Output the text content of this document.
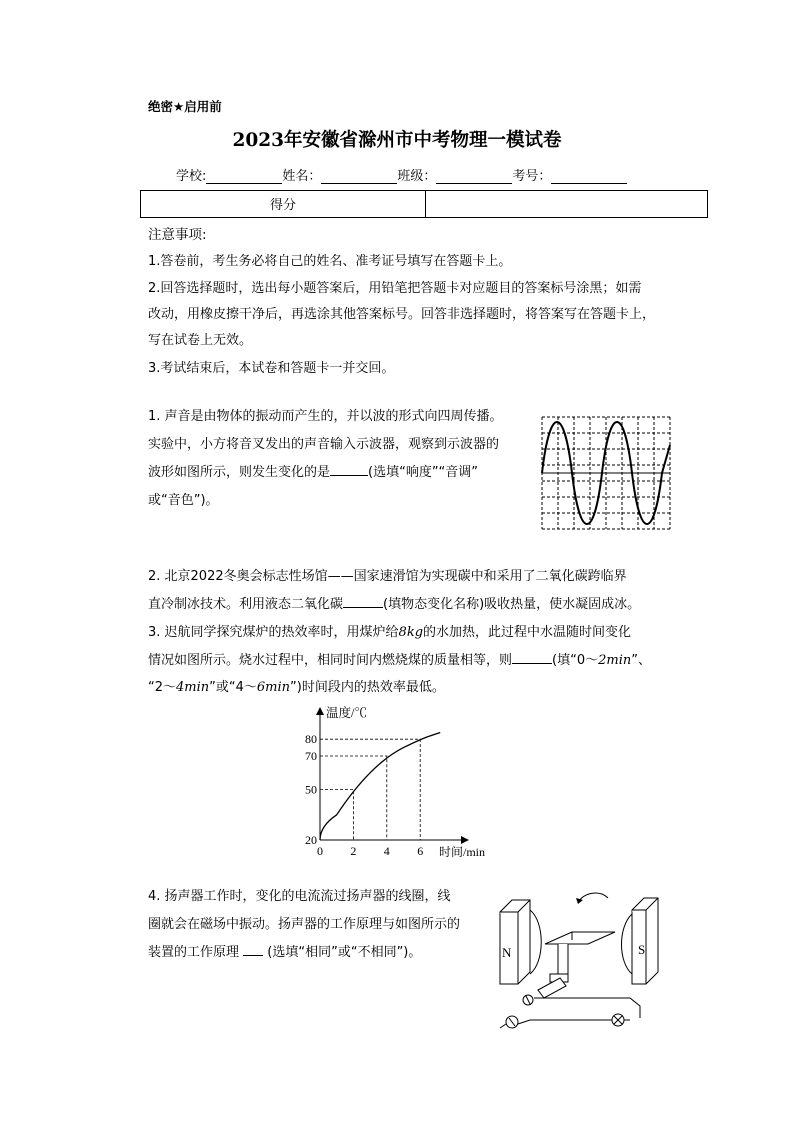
绝密★启用前
2023年安徽省滁州市中考物理一模试卷
学校:	姓名：	班级：	考号：
得分
注意事项:
1.答卷前，考生务必将自己的姓名、准考证号填写在答题卡上。
2.回答选择题时，选出每小题答案后，用铅笔把答题卡对应题目的答案标号涂黑；如需
改动，用橡皮擦干净后，再选涂其他答案标号。回答非选择题时，将答案写在答题卡上，
写在试卷上无效。
3.考试结束后，本试卷和答题卡一并交回。
1. 声音是由物体的振动而产生的，并以波的形式向四周传播。
实验中，小方将音叉发出的声音输入示波器，观察到示波器的
波形如图所示，则发生变化的是	(选填“响度”“音调”
或“音色”)。
2. 北京2022冬奥会标志性场馆——国家速滑馆为实现碳中和采用了二氧化碳跨临界
直冷制冰技术。利用液态二氧化碳	(填物态变化名称)吸收热量，使水凝固成冰。
3. 迟航同学探究煤炉的热效率时，用煤炉给8kg的水加热，此过程中水温随时间变化
情况如图所示。烧水过程中，相同时间内燃烧煤的质量相等，则	(填“0～2min”、
“2～4min”或“4～6min”)时间段内的热效率最低。
20
50
70
80
0 2 4 6
温度/℃
时间/min
4. 扬声器工作时，变化的电流流过扬声器的线圈，线
圈就会在磁场中振动。扬声器的工作原理与如图所示的
装置的工作原理 (选填“相同”或“不相同”)。	N	S
